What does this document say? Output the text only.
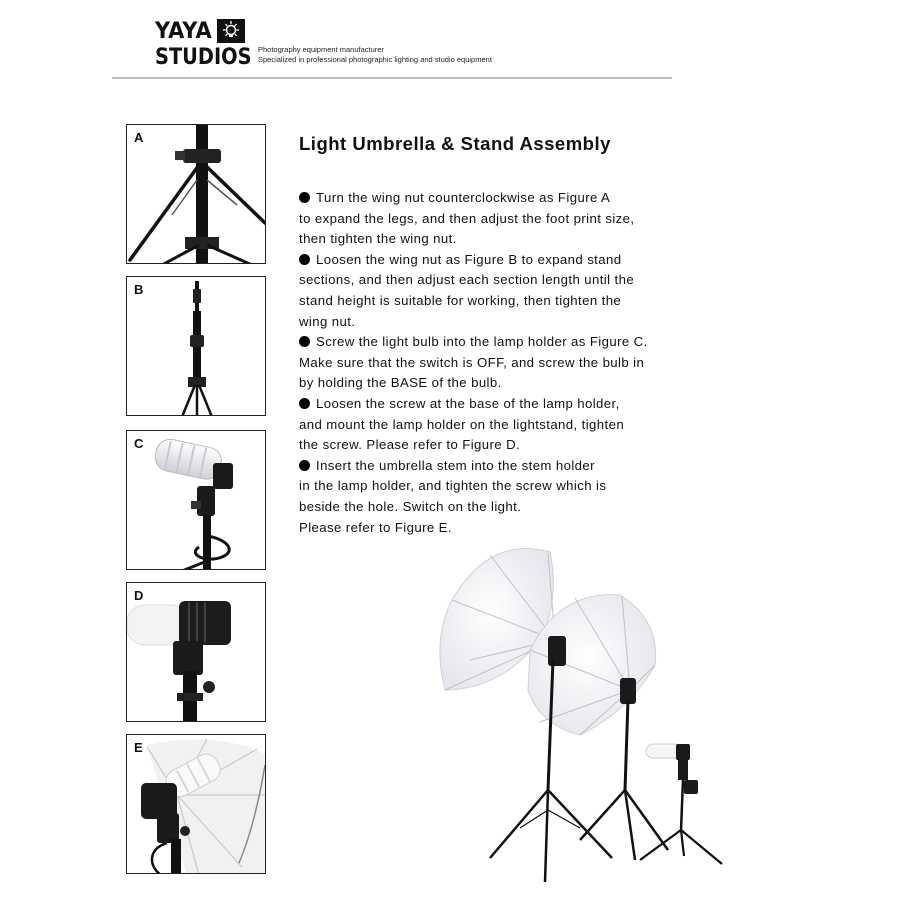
YAYA
STUDIOS Photography equipment manufacturer
Specialized in professional photographic lighting and studio equipment
A
B
C
D
E
Light Umbrella & Stand Assembly
Turn the wing nut counterclockwise as Figure A
to expand the legs, and then adjust the foot print size,
then tighten the wing nut.
Loosen the wing nut as Figure B to expand stand
sections, and then adjust each section length until the
stand height is suitable for working, then tighten the
wing nut.
Screw the light bulb into the lamp holder as Figure C.
Make sure that the switch is OFF, and screw the bulb in
by holding the BASE of the bulb.
Loosen the screw at the base of the lamp holder,
and mount the lamp holder on the lightstand, tighten
the screw. Please refer to Figure D.
Insert the umbrella stem into the stem holder
in the lamp holder, and tighten the screw which is
beside the hole. Switch on the light.
Please refer to Figure E.
